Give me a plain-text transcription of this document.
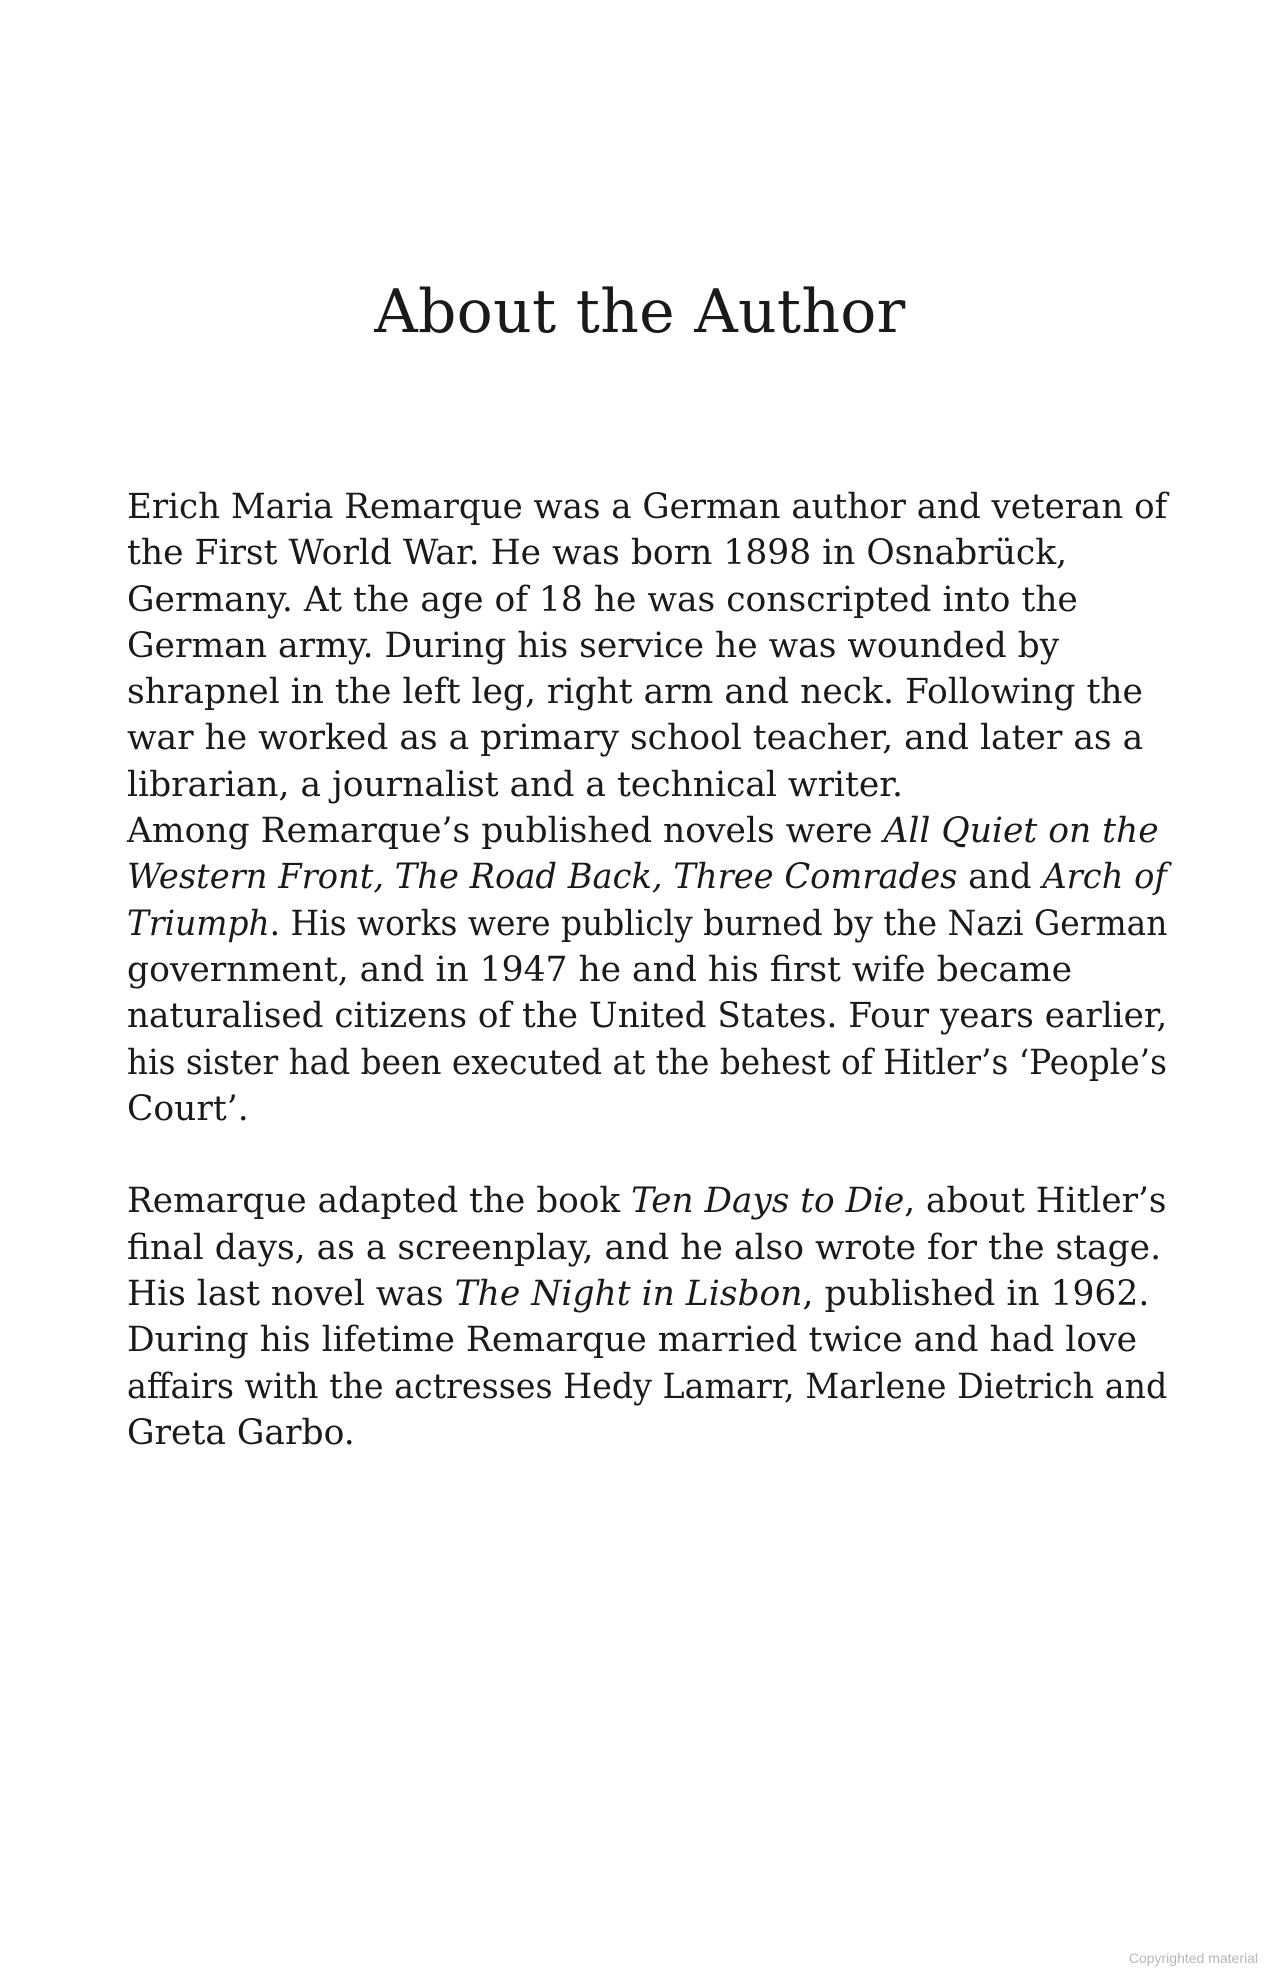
About the Author
Erich Maria Remarque was a German author and veteran of
the First World War. He was born 1898 in Osnabrück,
Germany. At the age of 18 he was conscripted into the
German army. During his service he was wounded by
shrapnel in the left leg, right arm and neck. Following the
war he worked as a primary school teacher, and later as a
librarian, a journalist and a technical writer.
Among Remarque’s published novels were All Quiet on the
Western Front, The Road Back, Three Comrades and Arch of
Triumph. His works were publicly burned by the Nazi German
government, and in 1947 he and his first wife became
naturalised citizens of the United States. Four years earlier,
his sister had been executed at the behest of Hitler’s ‘People’s
Court’.
Remarque adapted the book Ten Days to Die, about Hitler’s
final days, as a screenplay, and he also wrote for the stage.
His last novel was The Night in Lisbon, published in 1962.
During his lifetime Remarque married twice and had love
affairs with the actresses Hedy Lamarr, Marlene Dietrich and
Greta Garbo.
Copyrighted material
